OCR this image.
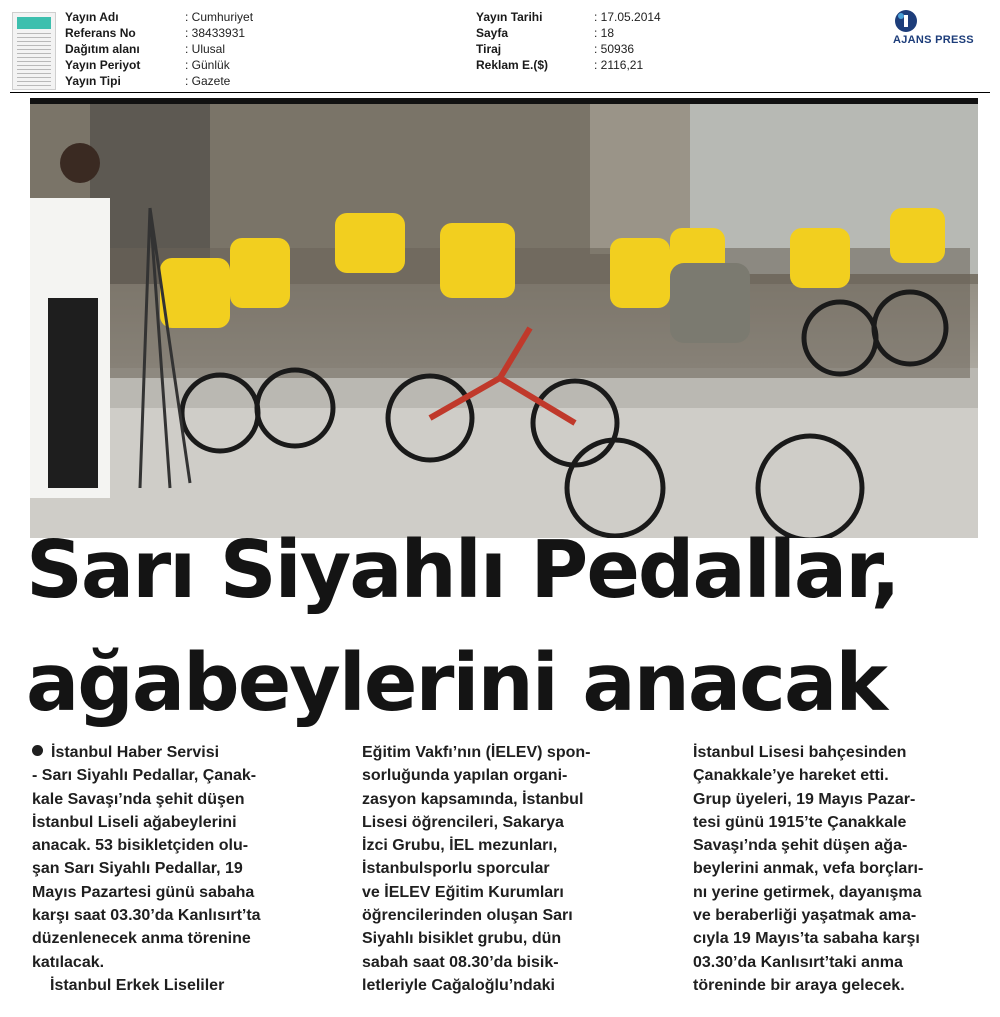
Yayın Adı	: Cumhuriyet
Referans No	: 38433931
Dağıtım alanı	: Ulusal
Yayın Periyot	: Günlük
Yayın Tipi	: Gazete
Yayın Tarihi	: 17.05.2014
Sayfa	: 18
Tiraj	: 50936
Reklam E.($)	: 2116,21
AJANS PRESS
Sarı Siyahlı Pedallar,
ağabeylerini anacak
İstanbul Haber Servisi
- Sarı Siyahlı Pedallar, Çanak-
kale Savaşı’nda şehit düşen
İstanbul Liseli ağabeylerini
anacak. 53 bisikletçiden olu-
şan Sarı Siyahlı Pedallar, 19
Mayıs Pazartesi günü sabaha
karşı saat 03.30’da Kanlısırt’ta
düzenlenecek anma törenine
katılacak.
İstanbul Erkek Liseliler
Eğitim Vakfı’nın (İELEV) spon-
sorluğunda yapılan organi-
zasyon kapsamında, İstanbul
Lisesi öğrencileri, Sakarya
İzci Grubu, İEL mezunları,
İstanbulsporlu sporcular
ve İELEV Eğitim Kurumları
öğrencilerinden oluşan Sarı
Siyahlı bisiklet grubu, dün
sabah saat 08.30’da bisik-
letleriyle Cağaloğlu’ndaki
İstanbul Lisesi bahçesinden
Çanakkale’ye hareket etti.
Grup üyeleri, 19 Mayıs Pazar-
tesi günü 1915’te Çanakkale
Savaşı’nda şehit düşen ağa-
beylerini anmak, vefa borçları-
nı yerine getirmek, dayanışma
ve beraberliği yaşatmak ama-
cıyla 19 Mayıs’ta sabaha karşı
03.30’da Kanlısırt’taki anma
töreninde bir araya gelecek.
